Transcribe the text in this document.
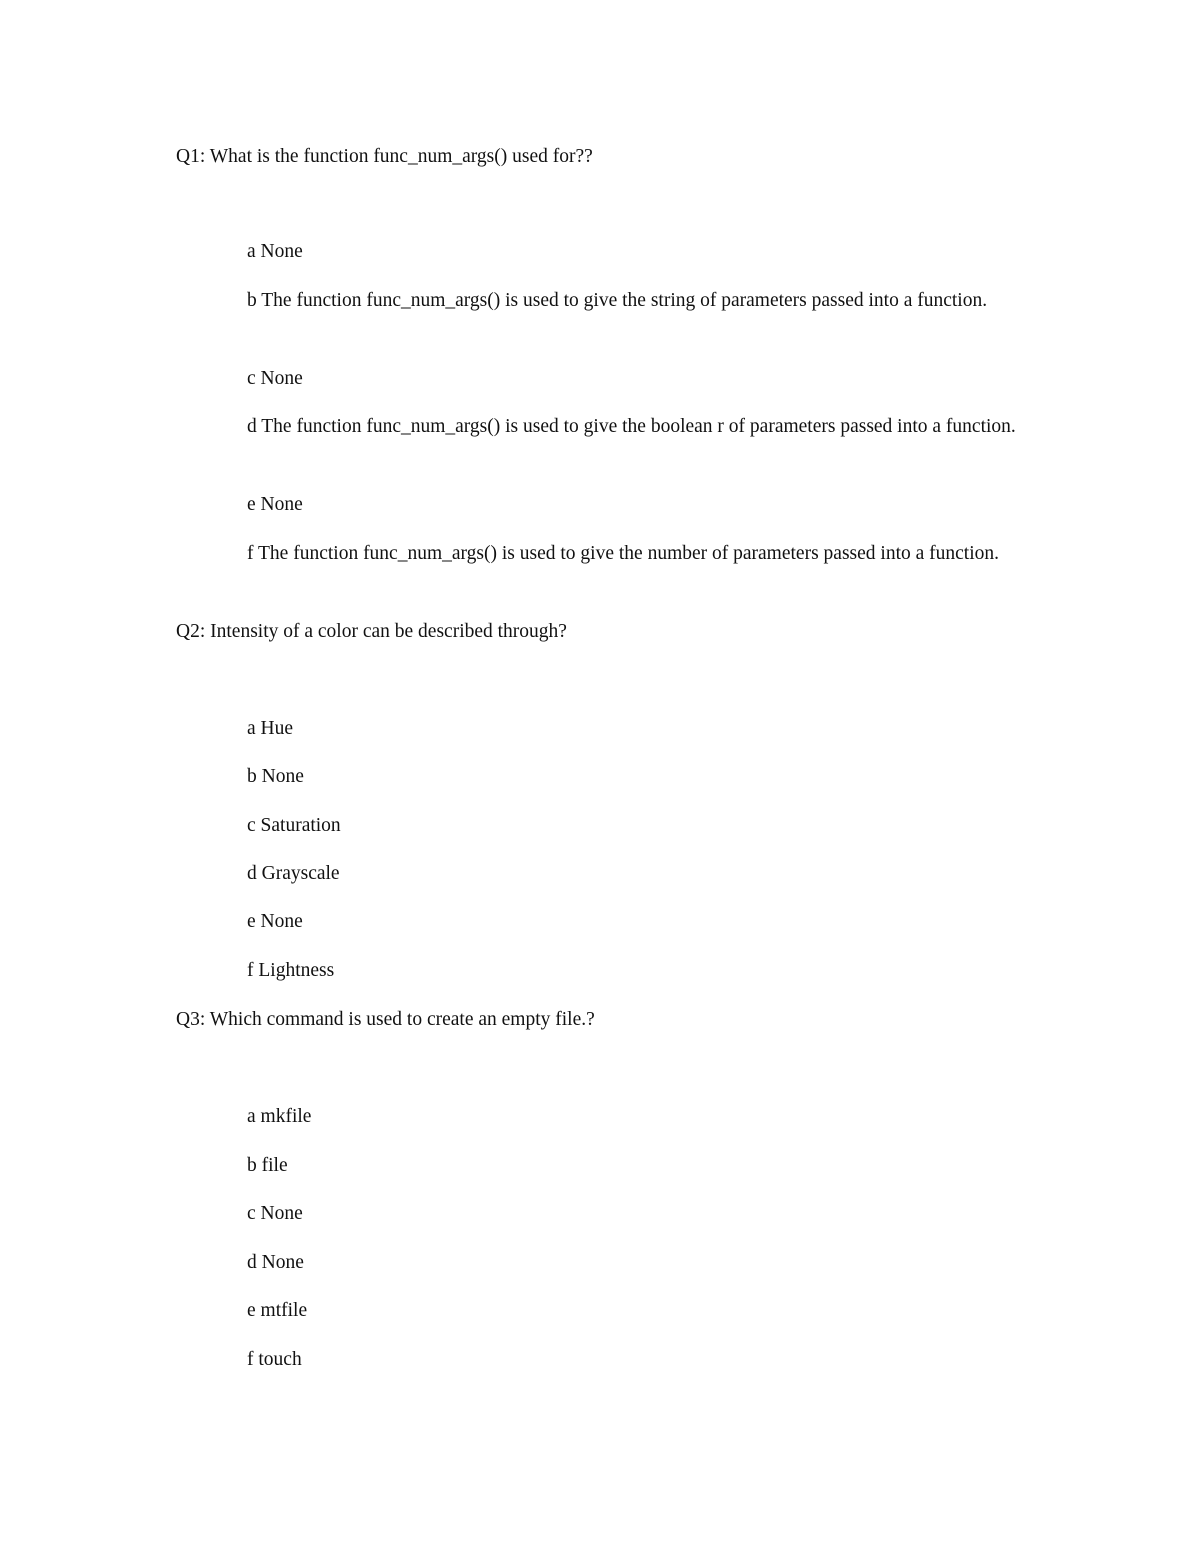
Q1: What is the function func_num_args() used for??
a None
b The function func_num_args() is used to give the string of parameters passed into a function.
c None
d The function func_num_args() is used to give the boolean r of parameters passed into a function.
e None
f The function func_num_args() is used to give the number of parameters passed into a function.
Q2: Intensity of a color can be described through?
a Hue
b None
c Saturation
d Grayscale
e None
f Lightness
Q3: Which command is used to create an empty file.?
a mkfile
b file
c None
d None
e mtfile
f touch
